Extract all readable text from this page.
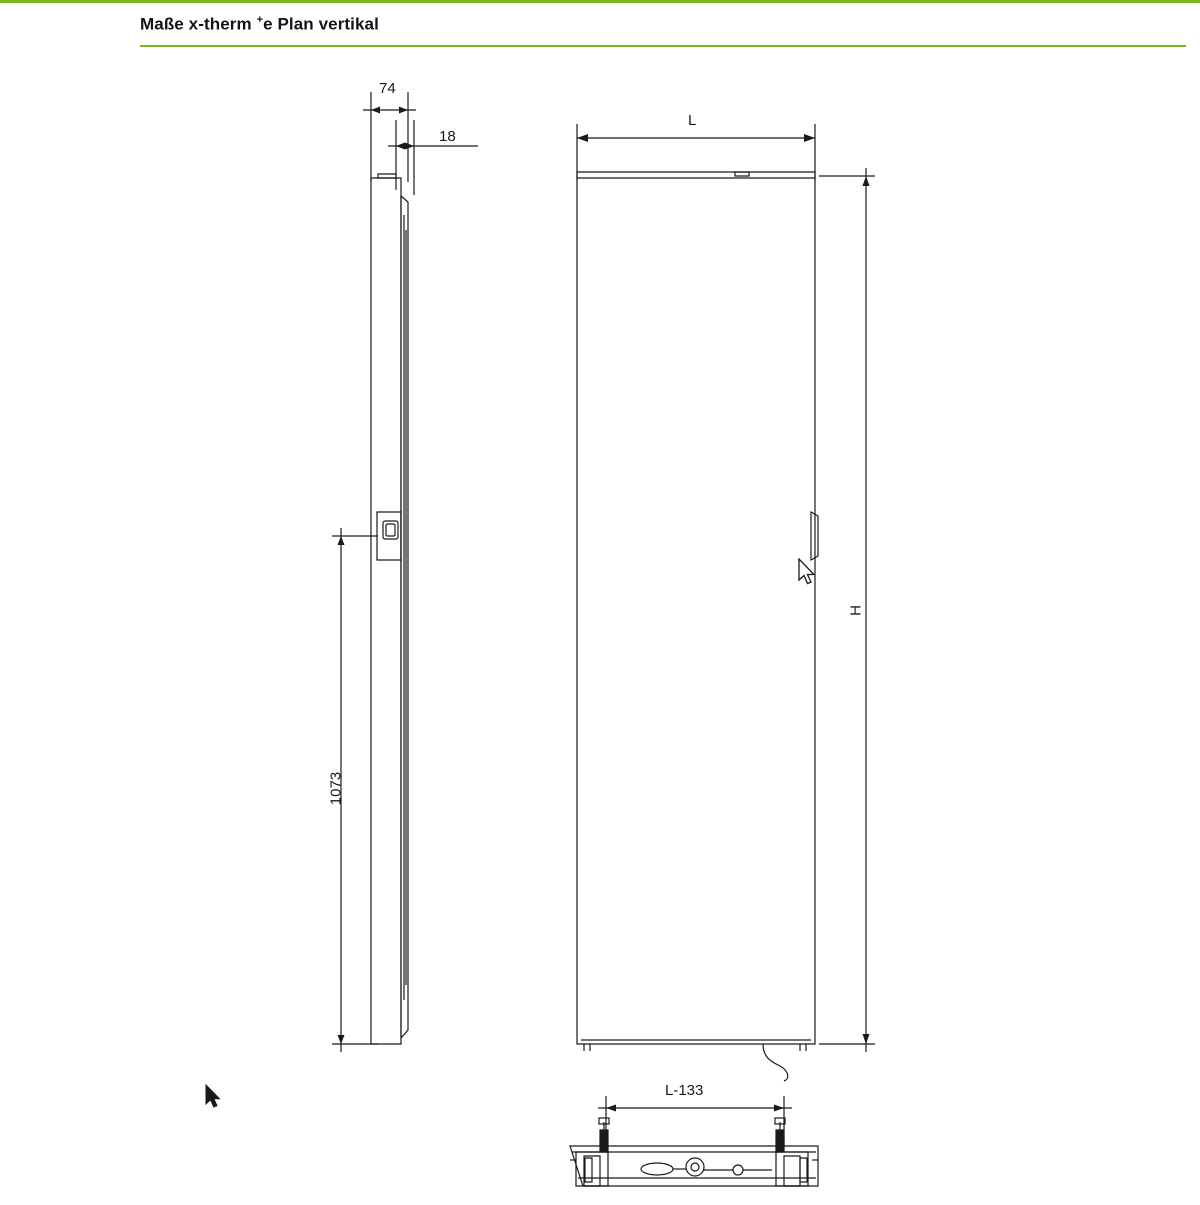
Maße x-therm +e Plan vertikal
74
18
1073
L
H
L-133
